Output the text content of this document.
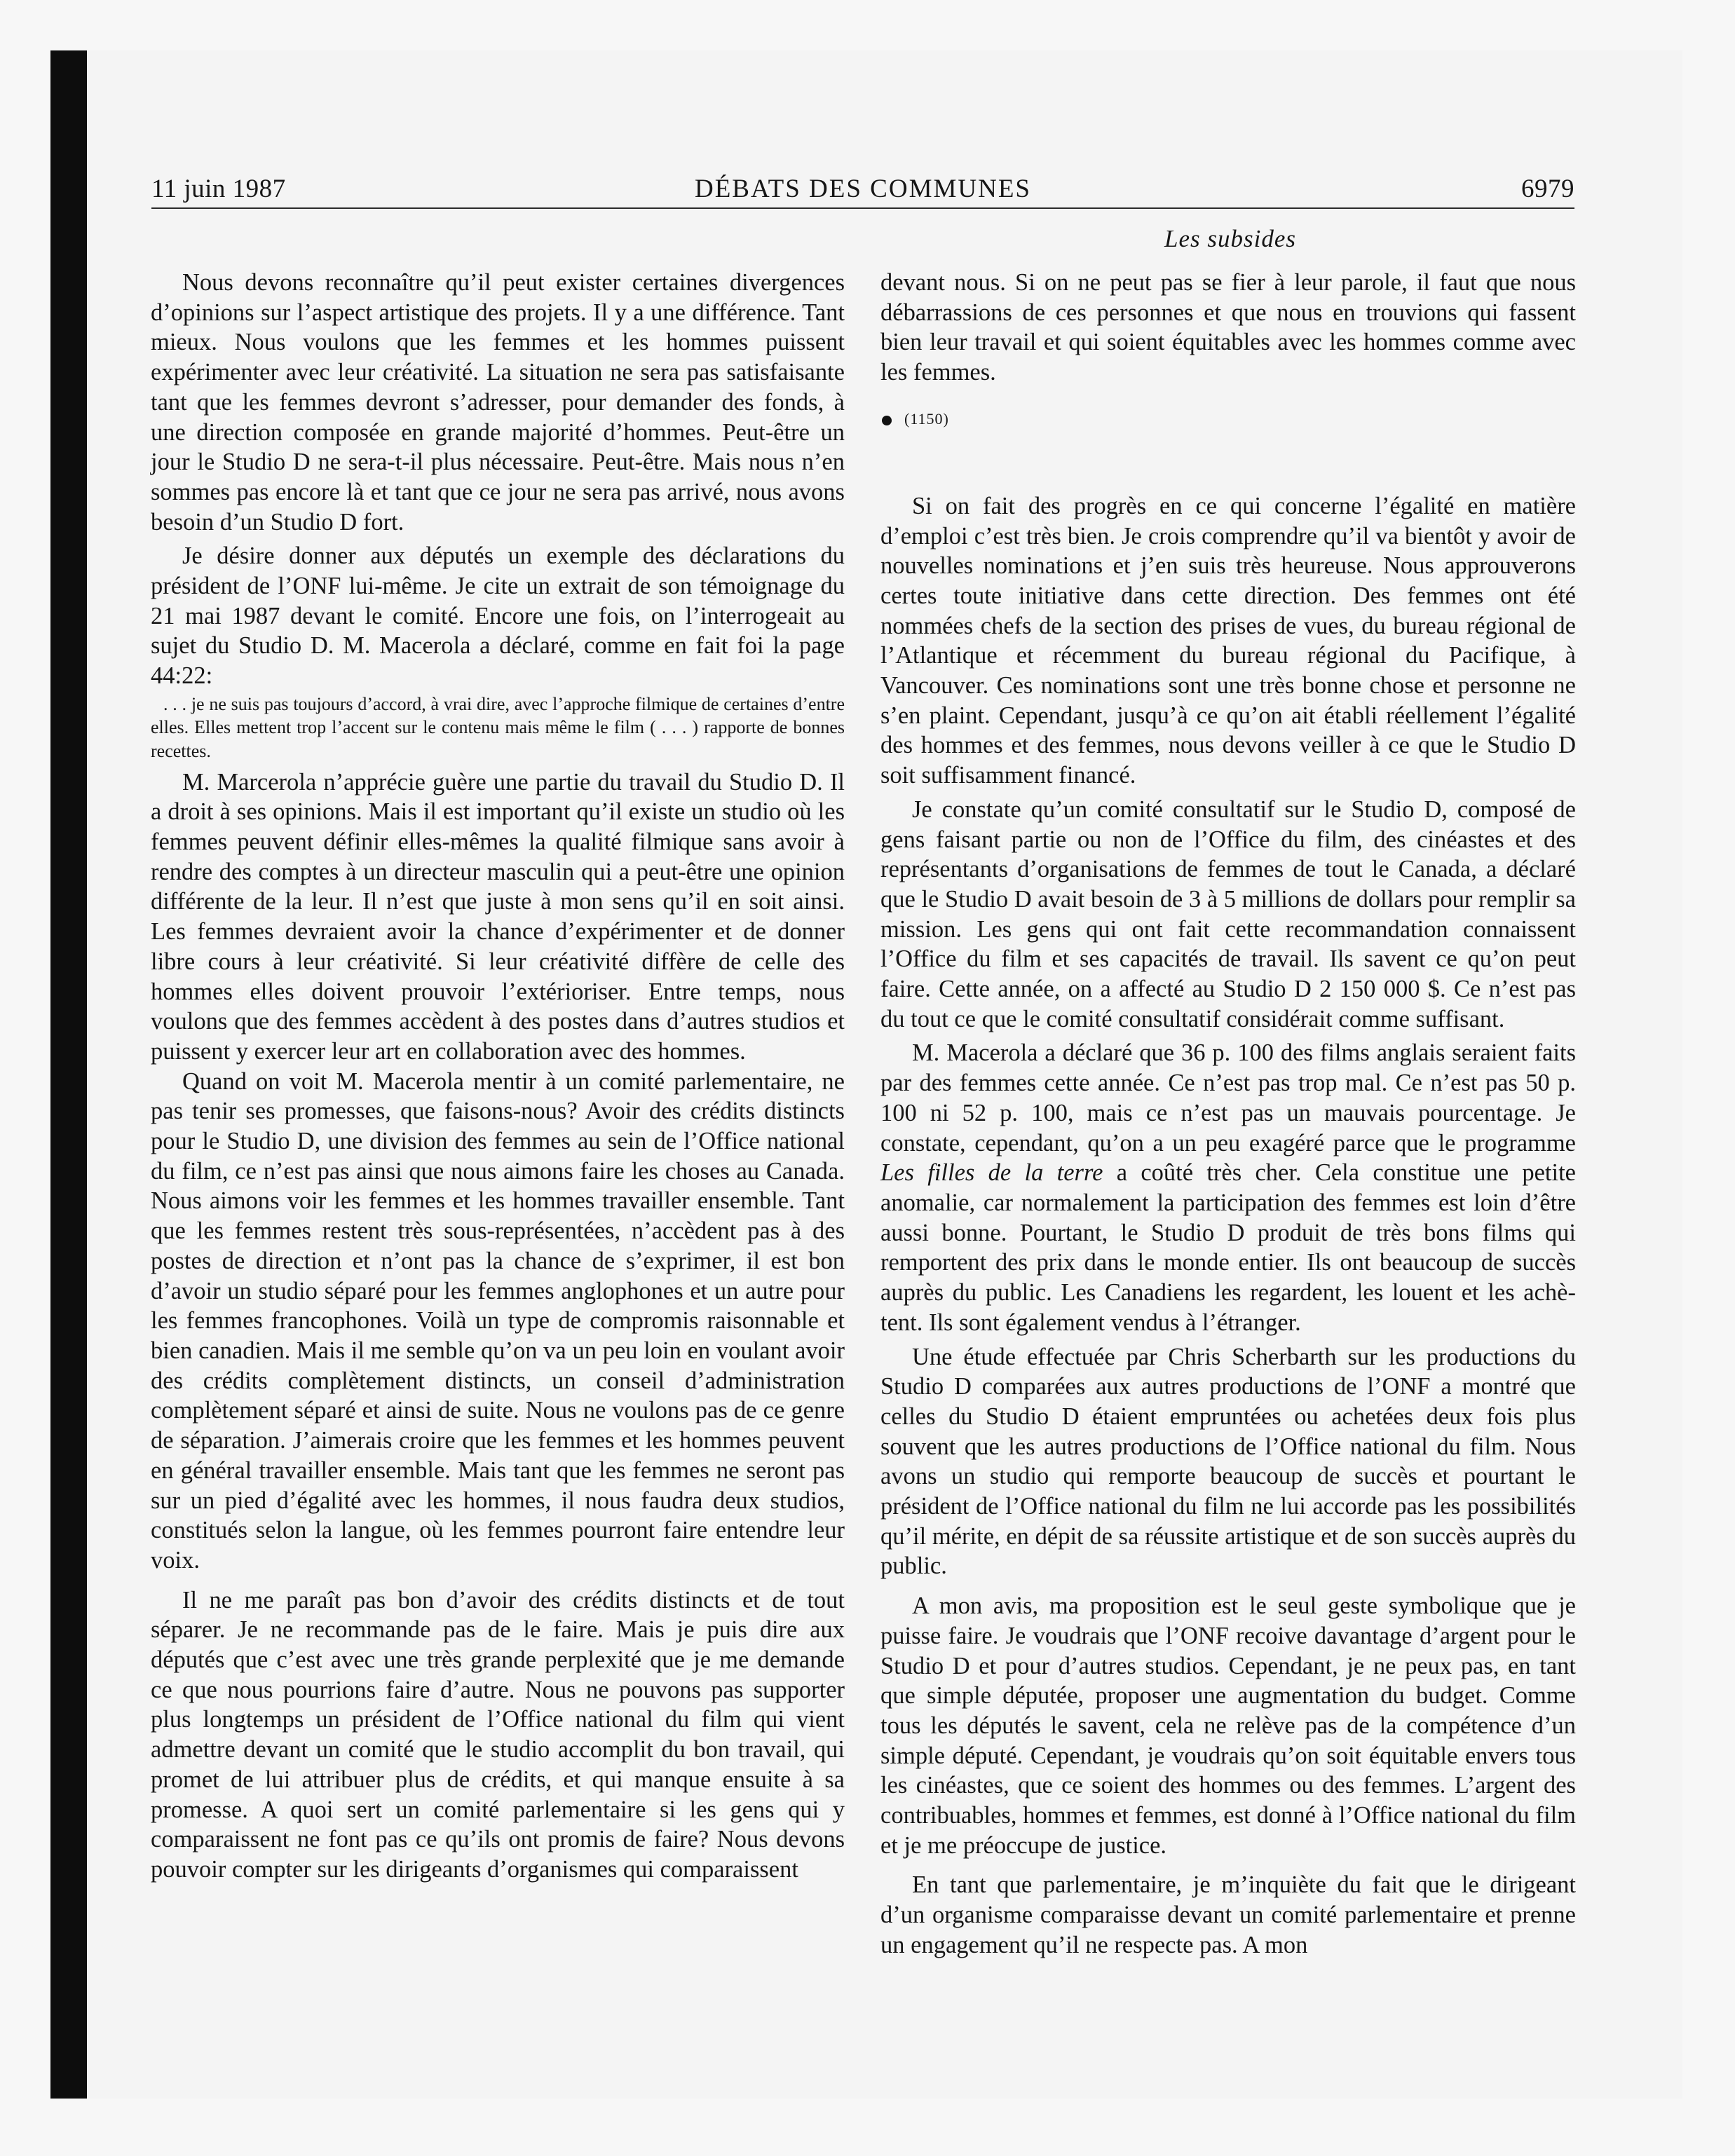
11 juin 1987	DÉBATS DES COMMUNES	6979
Les subsides

Nous devons reconnaître qu’il peut exister certaines divergences d’opinions sur l’aspect artistique des projets. Il y a une différence. Tant mieux. Nous voulons que les femmes et les hommes puissent expérimenter avec leur créativité. La situation ne sera pas satisfaisante tant que les femmes devront s’adresser, pour demander des fonds, à une direction composée en grande majorité d’hommes. Peut-être un jour le Studio D ne sera-t-il plus nécessaire. Peut-être. Mais nous n’en sommes pas encore là et tant que ce jour ne sera pas arrivé, nous avons besoin d’un Studio D fort.

Je désire donner aux députés un exemple des déclarations du président de l’ONF lui-même. Je cite un extrait de son témoignage du 21 mai 1987 devant le comité. Encore une fois, on l’interrogeait au sujet du Studio D. M. Macerola a déclaré, comme en fait foi la page 44:22:

. . . je ne suis pas toujours d’accord, à vrai dire, avec l’approche filmique de certaines d’entre elles. Elles mettent trop l’accent sur le contenu mais même le film ( . . . ) rapporte de bonnes recettes.

M. Marcerola n’apprécie guère une partie du travail du Studio D. Il a droit à ses opinions. Mais il est important qu’il existe un studio où les femmes peuvent définir elles-mêmes la qualité filmique sans avoir à rendre des comptes à un directeur masculin qui a peut-être une opinion différente de la leur. Il n’est que juste à mon sens qu’il en soit ainsi. Les femmes devraient avoir la chance d’expérimenter et de donner libre cours à leur créativité. Si leur créativité diffère de celle des hommes elles doivent prouvoir l’extérioriser. Entre temps, nous voulons que des femmes accèdent à des postes dans d’autres studios et puissent y exercer leur art en collaboration avec des hommes.

Quand on voit M. Macerola mentir à un comité parlementaire, ne pas tenir ses promesses, que faisons-nous? Avoir des crédits distincts pour le Studio D, une division des femmes au sein de l’Office national du film, ce n’est pas ainsi que nous aimons faire les choses au Canada. Nous aimons voir les femmes et les hommes travailler ensemble. Tant que les femmes restent très sous-représentées, n’accèdent pas à des postes de direction et n’ont pas la chance de s’exprimer, il est bon d’avoir un studio séparé pour les femmes anglophones et un autre pour les femmes francophones. Voilà un type de compromis raisonnable et bien canadien. Mais il me semble qu’on va un peu loin en voulant avoir des crédits complètement distincts, un conseil d’administration complètement séparé et ainsi de suite. Nous ne voulons pas de ce genre de séparation. J’aimerais croire que les femmes et les hommes peuvent en général travailler ensemble. Mais tant que les femmes ne seront pas sur un pied d’égalité avec les hommes, il nous faudra deux studios, constitués selon la langue, où les femmes pourront faire entendre leur voix.

Il ne me paraît pas bon d’avoir des crédits distincts et de tout séparer. Je ne recommande pas de le faire. Mais je puis dire aux députés que c’est avec une très grande perplexité que je me demande ce que nous pourrions faire d’autre. Nous ne pouvons pas supporter plus longtemps un président de l’Office national du film qui vient admettre devant un comité que le studio accomplit du bon travail, qui promet de lui attribuer plus de crédits, et qui manque ensuite à sa promesse. A quoi sert un comité parlementaire si les gens qui y comparaissent ne font pas ce qu’ils ont promis de faire? Nous devons pouvoir compter sur les dirigeants d’organismes qui comparaissent

devant nous. Si on ne peut pas se fier à leur parole, il faut que nous débarrassions de ces personnes et que nous en trouvions qui fassent bien leur travail et qui soient équitables avec les hommes comme avec les femmes.

(1150)

Si on fait des progrès en ce qui concerne l’égalité en matière d’emploi c’est très bien. Je crois comprendre qu’il va bientôt y avoir de nouvelles nominations et j’en suis très heureuse. Nous approuverons certes toute initiative dans cette direction. Des femmes ont été nommées chefs de la section des prises de vues, du bureau régional de l’Atlantique et récemment du bureau régional du Pacifique, à Vancouver. Ces nominations sont une très bonne chose et personne ne s’en plaint. Cependant, jusqu’à ce qu’on ait établi réellement l’égalité des hommes et des femmes, nous devons veiller à ce que le Studio D soit suffisamment financé.

Je constate qu’un comité consultatif sur le Studio D, composé de gens faisant partie ou non de l’Office du film, des cinéastes et des représentants d’organisations de femmes de tout le Canada, a déclaré que le Studio D avait besoin de 3 à 5 millions de dollars pour remplir sa mission. Les gens qui ont fait cette recommandation connaissent l’Office du film et ses capacités de travail. Ils savent ce qu’on peut faire. Cette année, on a affecté au Studio D 2 150 000 $. Ce n’est pas du tout ce que le comité consultatif considérait comme suffisant.

M. Macerola a déclaré que 36 p. 100 des films anglais seraient faits par des femmes cette année. Ce n’est pas trop mal. Ce n’est pas 50 p. 100 ni 52 p. 100, mais ce n’est pas un mauvais pourcentage. Je constate, cependant, qu’on a un peu exagéré parce que le programme Les filles de la terre a coûté très cher. Cela constitue une petite anomalie, car normalement la participation des femmes est loin d’être aussi bonne. Pourtant, le Studio D produit de très bons films qui remportent des prix dans le monde entier. Ils ont beaucoup de succès auprès du public. Les Canadiens les regardent, les louent et les achètent. Ils sont également vendus à l’étranger.

Une étude effectuée par Chris Scherbarth sur les productions du Studio D comparées aux autres productions de l’ONF a montré que celles du Studio D étaient empruntées ou achetées deux fois plus souvent que les autres productions de l’Office national du film. Nous avons un studio qui remporte beaucoup de succès et pourtant le président de l’Office national du film ne lui accorde pas les possibilités qu’il mérite, en dépit de sa réussite artistique et de son succès auprès du public.

A mon avis, ma proposition est le seul geste symbolique que je puisse faire. Je voudrais que l’ONF recoive davantage d’argent pour le Studio D et pour d’autres studios. Cependant, je ne peux pas, en tant que simple députée, proposer une augmentation du budget. Comme tous les députés le savent, cela ne relève pas de la compétence d’un simple député. Cependant, je voudrais qu’on soit équitable envers tous les cinéastes, que ce soient des hommes ou des femmes. L’argent des contribuables, hommes et femmes, est donné à l’Office national du film et je me préoccupe de justice.

En tant que parlementaire, je m’inquiète du fait que le dirigeant d’un organisme comparaisse devant un comité parlementaire et prenne un engagement qu’il ne respecte pas. A mon
